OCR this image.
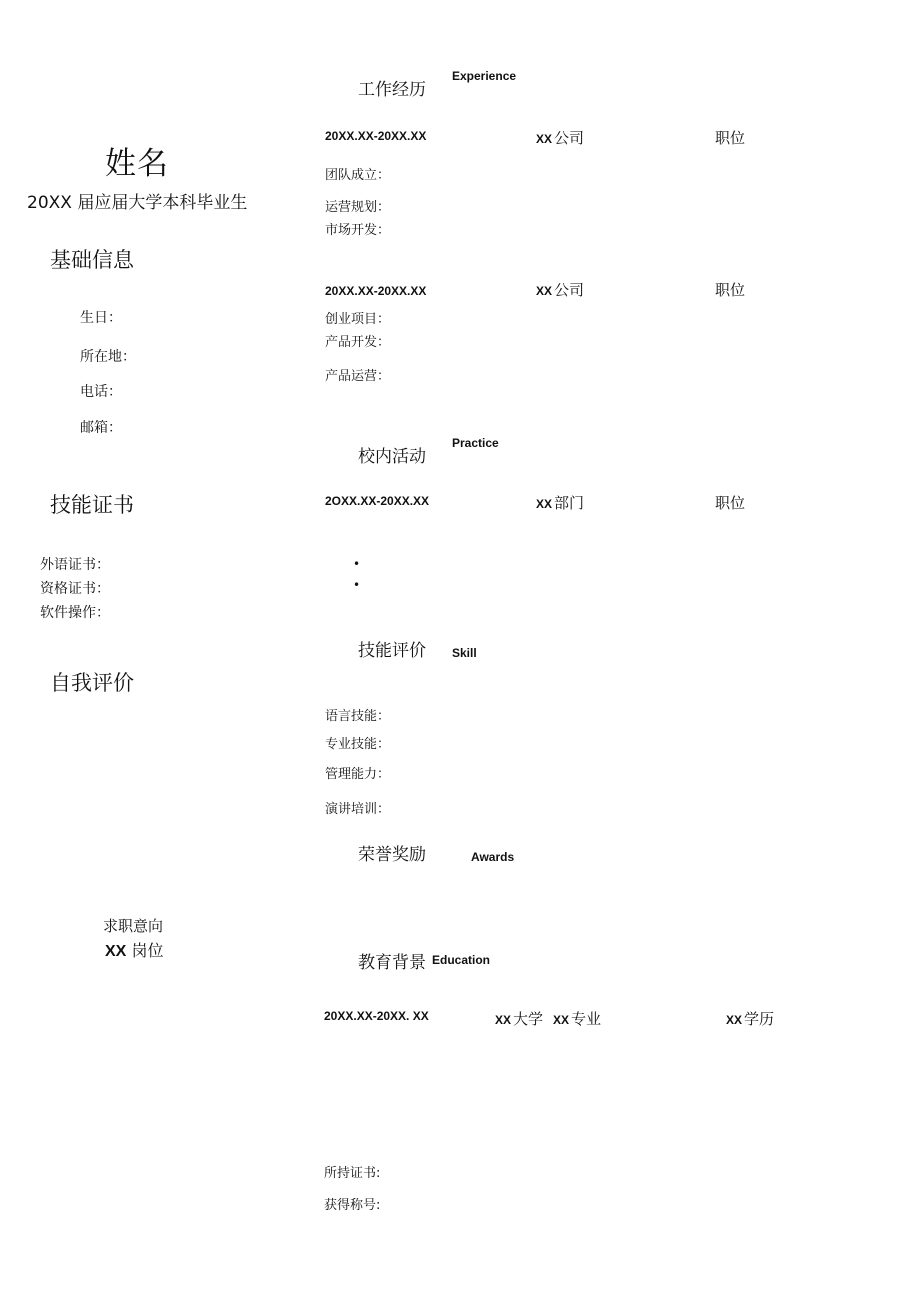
姓名
20XX 届应届大学本科毕业生
基础信息
生日：
所在地：
电话：
邮箱：
技能证书
外语证书：
资格证书：
软件操作：
自我评价
求职意向
XX 岗位
工作经历
Experience
20XX.XX-20XX.XX	XX 公司	职位
团队成立：
运营规划：
市场开发：
20XX.XX-20XX.XX	XX 公司	职位
创业项目：
产品开发：
产品运营：
校内活动
Practice
2OXX.XX-20XX.XX	XX 部门	职位
•
•
技能评价 Skill
语言技能：
专业技能：
管理能力：
演讲培训：
荣誉奖励	Awards
教育背景 Education
20XX.XX-20XX. XX	XX 大学 XX 专业	XX 学历
所持证书:
获得称号:
